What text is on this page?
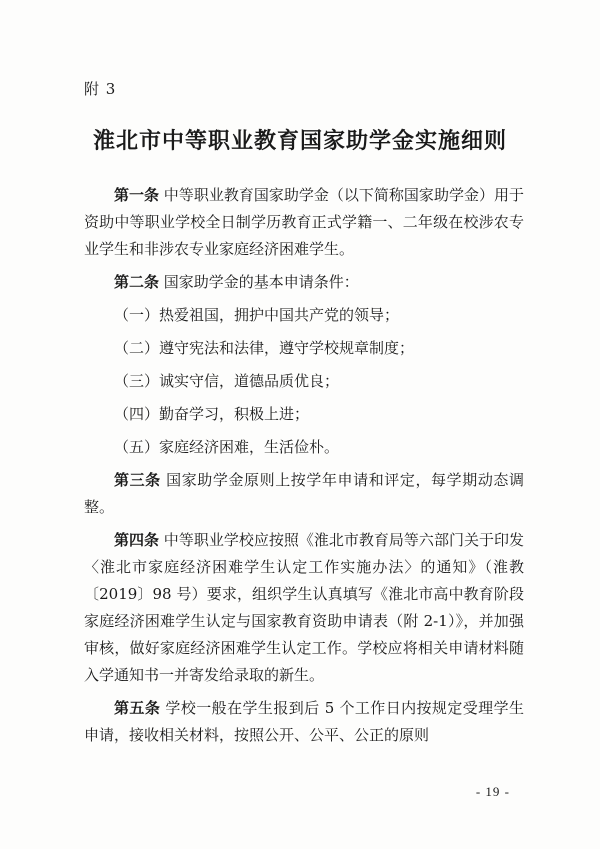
附 3
淮北市中等职业教育国家助学金实施细则

第一条 中等职业教育国家助学金（以下简称国家助学金）用于资助中等职业学校全日制学历教育正式学籍一、二年级在校涉农专业学生和非涉农专业家庭经济困难学生。

第二条 国家助学金的基本申请条件：

（一）热爱祖国，拥护中国共产党的领导；

（二）遵守宪法和法律，遵守学校规章制度；

（三）诚实守信，道德品质优良；

（四）勤奋学习，积极上进；

（五）家庭经济困难，生活俭朴。

第三条 国家助学金原则上按学年申请和评定，每学期动态调整。

第四条 中等职业学校应按照《淮北市教育局等六部门关于印发〈淮北市家庭经济困难学生认定工作实施办法〉的通知》（淮教〔2019〕98 号）要求，组织学生认真填写《淮北市高中教育阶段家庭经济困难学生认定与国家教育资助申请表（附 2-1）》，并加强审核，做好家庭经济困难学生认定工作。学校应将相关申请材料随入学通知书一并寄发给录取的新生。

第五条 学校一般在学生报到后 5 个工作日内按规定受理学生申请，接收相关材料，按照公开、公平、公正的原则

- 19 -
